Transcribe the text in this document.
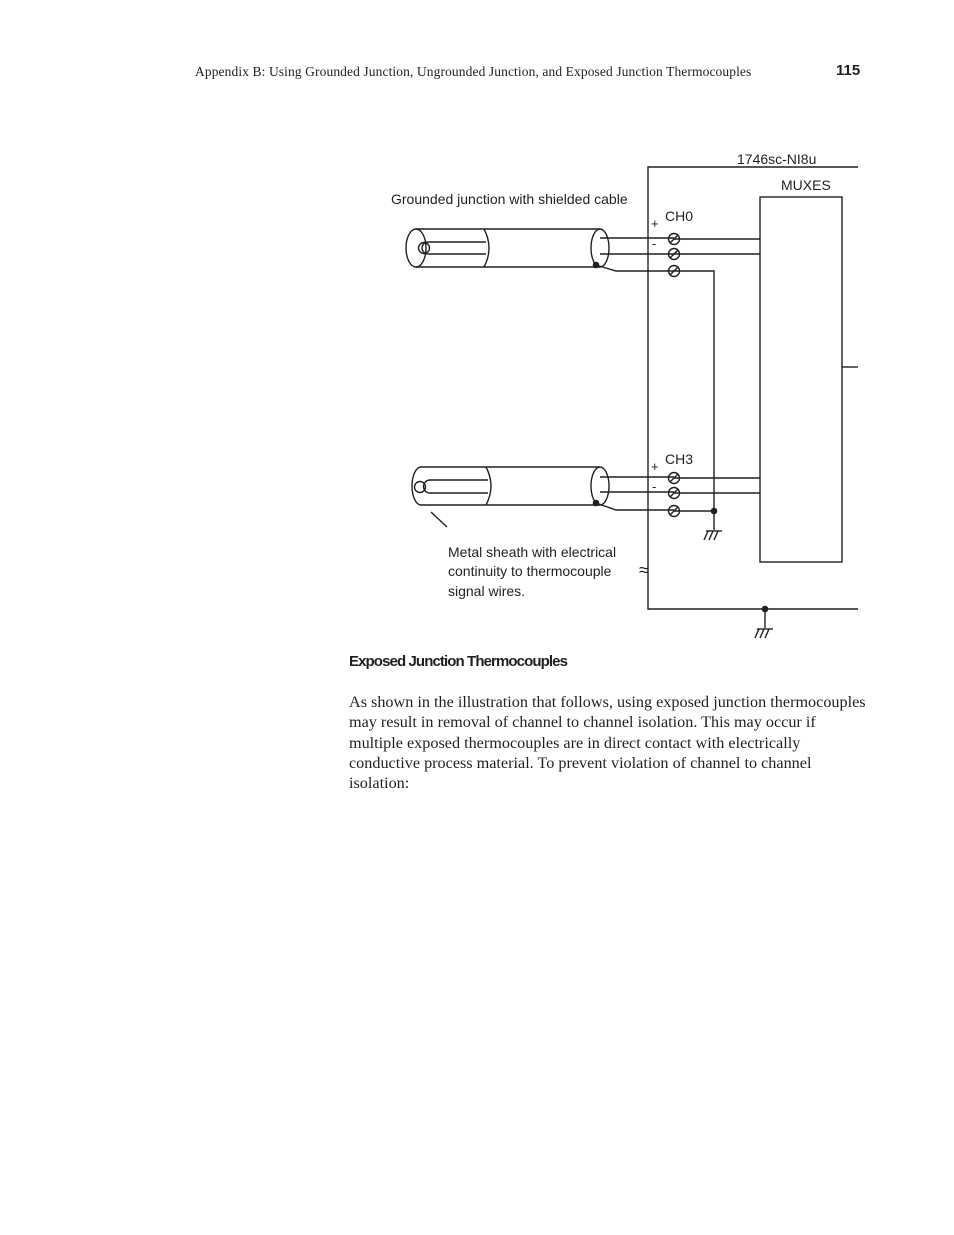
Appendix B: Using Grounded Junction, Ungrounded Junction, and Exposed Junction Thermocouples	115
1746sc-NI8u
MUXES
Grounded junction with shielded cable
+ CH0
-
+ CH3
-
Metal sheath with electrical
continuity to thermocouple
signal wires.
≈
Exposed Junction Thermocouples
As shown in the illustration that follows, using exposed junction thermocouples may result in removal of channel to channel isolation. This may occur if multiple exposed thermocouples are in direct contact with electrically conductive process material. To prevent violation of channel to channel isolation:
